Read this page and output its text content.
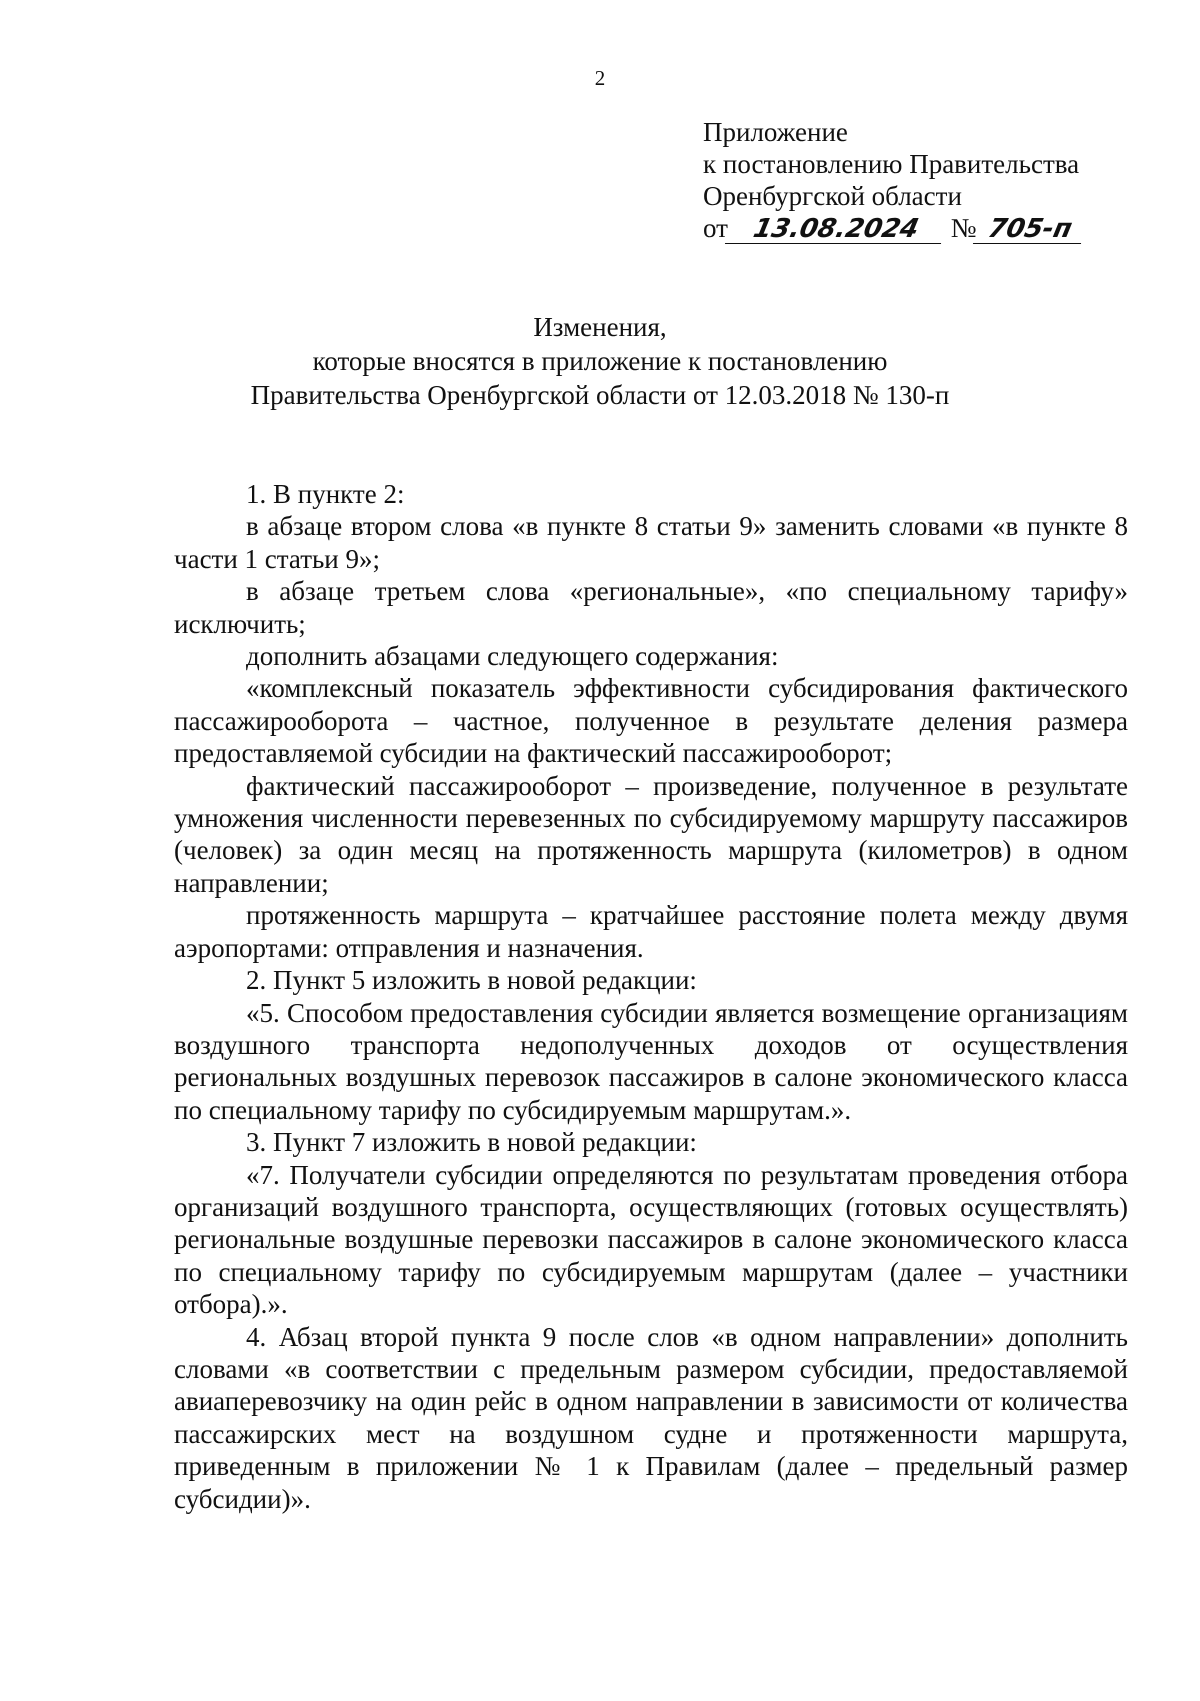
2
Приложение
к постановлению Правительства
Оренбургской области
от 13.08.2024 № 705-п
Изменения,
которые вносятся в приложение к постановлению
Правительства Оренбургской области от 12.03.2018 № 130-п

1. В пункте 2:

в абзаце втором слова «в пункте 8 статьи 9» заменить словами «в пункте 8 части 1 статьи 9»;

в абзаце третьем слова «региональные», «по специальному тарифу» исключить;

дополнить абзацами следующего содержания:

«комплексный показатель эффективности субсидирования фактического пассажирооборота – частное, полученное в результате деления размера предоставляемой субсидии на фактический пассажирооборот;

фактический пассажирооборот – произведение, полученное в результате умножения численности перевезенных по субсидируемому маршруту пассажиров (человек) за один месяц на протяженность маршрута (километров) в одном направлении;

протяженность маршрута – кратчайшее расстояние полета между двумя аэропортами: отправления и назначения.

2. Пункт 5 изложить в новой редакции:

«5. Способом предоставления субсидии является возмещение организациям воздушного транспорта недополученных доходов от осуществления региональных воздушных перевозок пассажиров в салоне экономического класса по специальному тарифу по субсидируемым маршрутам.».

3. Пункт 7 изложить в новой редакции:

«7. Получатели субсидии определяются по результатам проведения отбора организаций воздушного транспорта, осуществляющих (готовых осуществлять) региональные воздушные перевозки пассажиров в салоне экономического класса по специальному тарифу по субсидируемым маршрутам (далее – участники отбора).».

4. Абзац второй пункта 9 после слов «в одном направлении» дополнить словами «в соответствии с предельным размером субсидии, предоставляемой авиаперевозчику на один рейс в одном направлении в зависимости от количества пассажирских мест на воздушном судне и протяженности маршрута, приведенным в приложении № 1 к Правилам (далее – предельный размер субсидии)».
